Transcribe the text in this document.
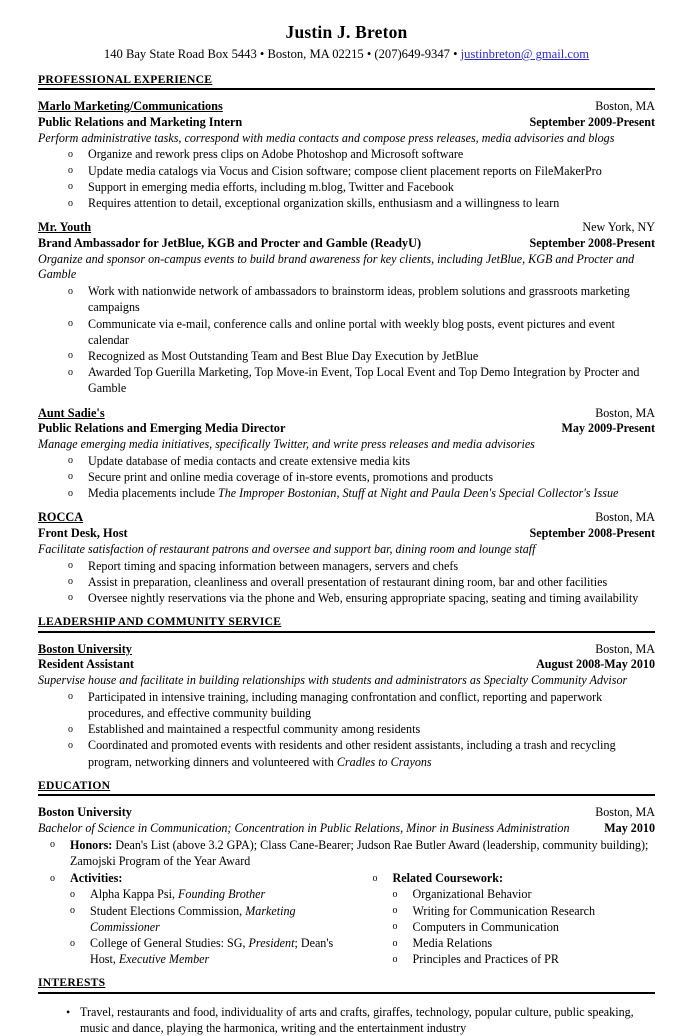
Justin J. Breton
140 Bay State Road Box 5443 • Boston, MA 02215 • (207)649-9347 • justinbreton@ gmail.com
PROFESSIONAL EXPERIENCE
Marlo Marketing/Communications	Boston, MA
Public Relations and Marketing Intern	September 2009-Present
Perform administrative tasks, correspond with media contacts and compose press releases, media advisories and blogs
o Organize and rework press clips on Adobe Photoshop and Microsoft software
o Update media catalogs via Vocus and Cision software; compose client placement reports on FileMakerPro
o Support in emerging media efforts, including m.blog, Twitter and Facebook
o Requires attention to detail, exceptional organization skills, enthusiasm and a willingness to learn
Mr. Youth	New York, NY
Brand Ambassador for JetBlue, KGB and Procter and Gamble (ReadyU)	September 2008-Present
Organize and sponsor on-campus events to build brand awareness for key clients, including JetBlue, KGB and Procter and Gamble
o Work with nationwide network of ambassadors to brainstorm ideas, problem solutions and grassroots marketing campaigns
o Communicate via e-mail, conference calls and online portal with weekly blog posts, event pictures and event calendar
o Recognized as Most Outstanding Team and Best Blue Day Execution by JetBlue
o Awarded Top Guerilla Marketing, Top Move-in Event, Top Local Event and Top Demo Integration by Procter and Gamble
Aunt Sadie's	Boston, MA
Public Relations and Emerging Media Director	May 2009-Present
Manage emerging media initiatives, specifically Twitter, and write press releases and media advisories
o Update database of media contacts and create extensive media kits
o Secure print and online media coverage of in-store events, promotions and products
o Media placements include The Improper Bostonian, Stuff at Night and Paula Deen's Special Collector's Issue
ROCCA	Boston, MA
Front Desk, Host	September 2008-Present
Facilitate satisfaction of restaurant patrons and oversee and support bar, dining room and lounge staff
o Report timing and spacing information between managers, servers and chefs
o Assist in preparation, cleanliness and overall presentation of restaurant dining room, bar and other facilities
o Oversee nightly reservations via the phone and Web, ensuring appropriate spacing, seating and timing availability
LEADERSHIP AND COMMUNITY SERVICE
Boston University	Boston, MA
Resident Assistant	August 2008-May 2010
Supervise house and facilitate in building relationships with students and administrators as Specialty Community Advisor
o Participated in intensive training, including managing confrontation and conflict, reporting and paperwork procedures, and effective community building
o Established and maintained a respectful community among residents
o Coordinated and promoted events with residents and other resident assistants, including a trash and recycling program, networking dinners and volunteered with Cradles to Crayons
EDUCATION
Boston University	Boston, MA
Bachelor of Science in Communication; Concentration in Public Relations, Minor in Business Administration	May 2010
o Honors: Dean's List (above 3.2 GPA); Class Cane-Bearer; Judson Rae Butler Award (leadership, community building); Zamojski Program of the Year Award
o Activities:
o Alpha Kappa Psi, Founding Brother
o Student Elections Commission, Marketing Commissioner
o College of General Studies: SG, President; Dean's Host, Executive Member
o Related Coursework:
o Organizational Behavior
o Writing for Communication Research
o Computers in Communication
o Media Relations
o Principles and Practices of PR
INTERESTS
• Travel, restaurants and food, individuality of arts and crafts, giraffes, technology, popular culture, public speaking, music and dance, playing the harmonica, writing and the entertainment industry
